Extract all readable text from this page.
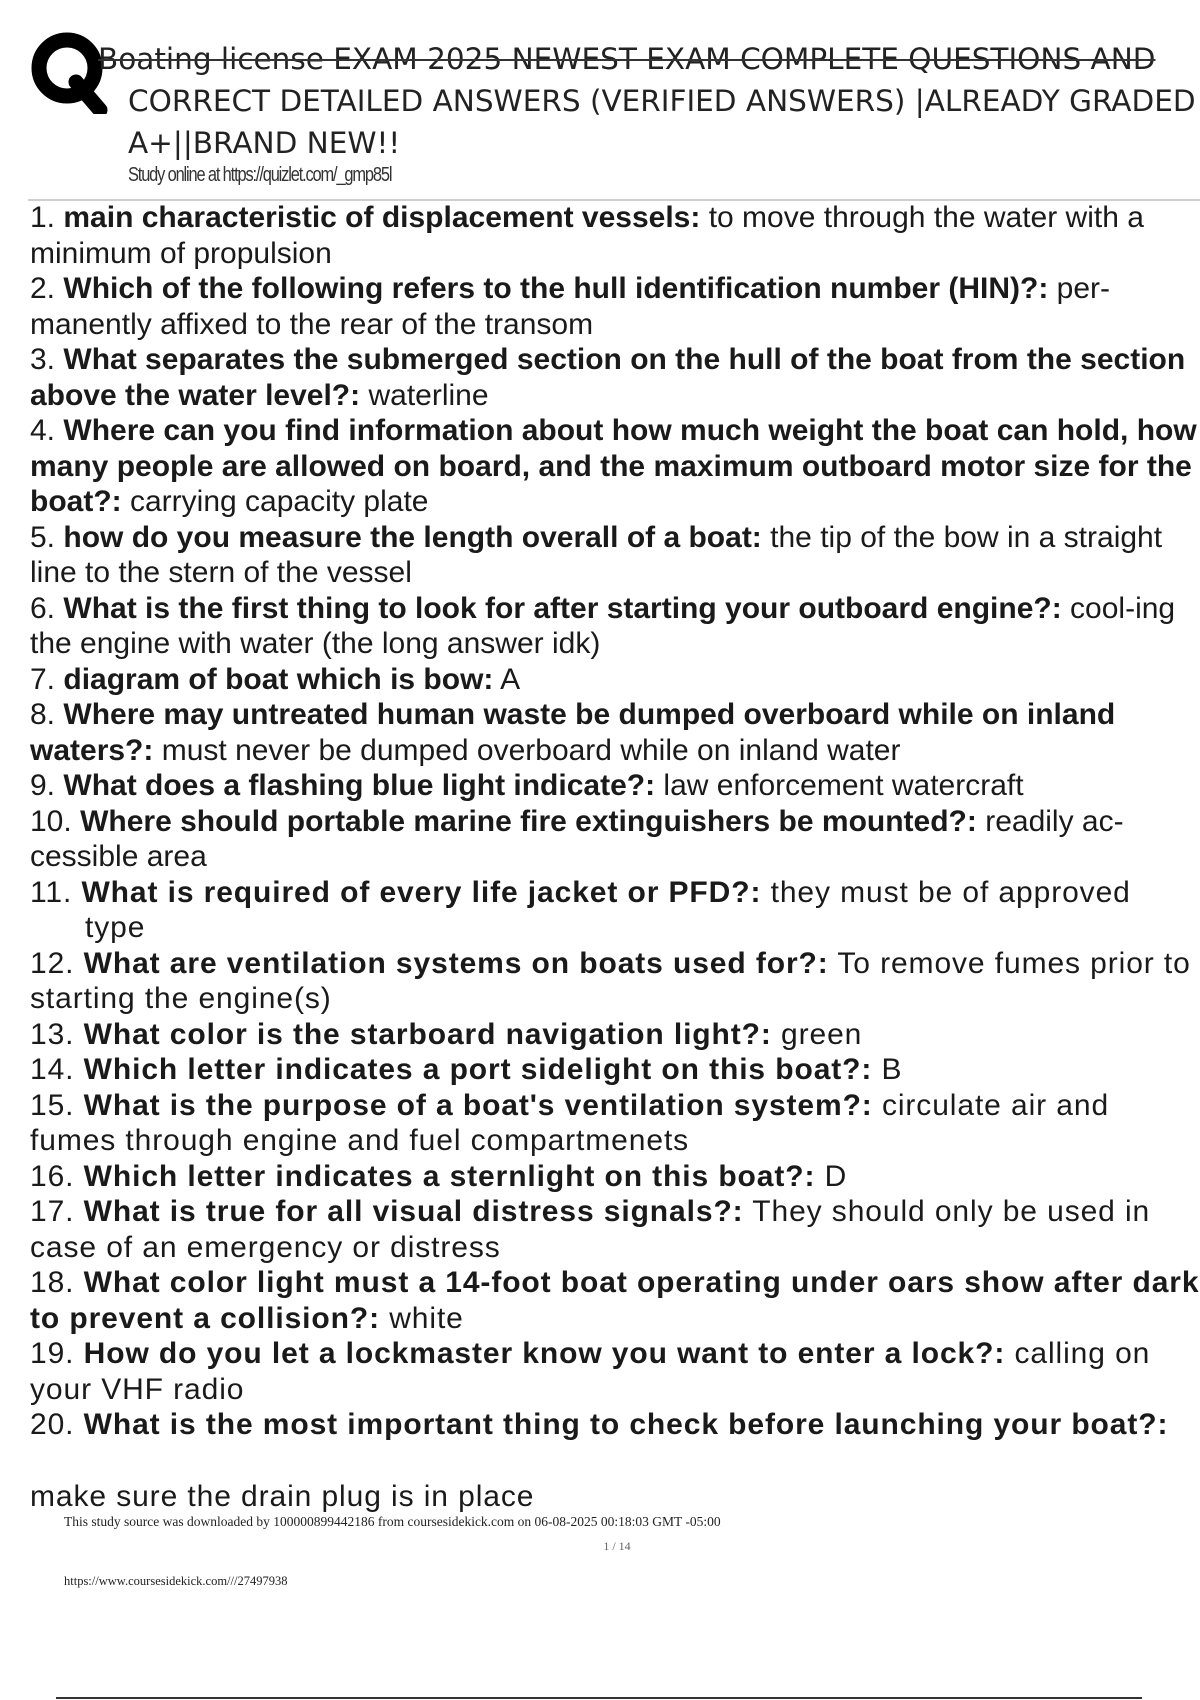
Boating license EXAM 2025 NEWEST EXAM COMPLETE QUESTIONS AND
CORRECT DETAILED ANSWERS (VERIFIED ANSWERS) |ALREADY GRADED
A+||BRAND NEW!!
Study online at https://quizlet.com/_gmp85l
1. main characteristic of displacement vessels: to move through the water with a minimum of propulsion
2. Which of the following refers to the hull identification number (HIN)?: per-manently affixed to the rear of the transom
3. What separates the submerged section on the hull of the boat from the section above the water level?: waterline
4. Where can you find information about how much weight the boat can hold, how many people are allowed on board, and the maximum outboard motor size for the boat?: carrying capacity plate
5. how do you measure the length overall of a boat: the tip of the bow in a straight line to the stern of the vessel
6. What is the first thing to look for after starting your outboard engine?: cool-ing the engine with water (the long answer idk)
7. diagram of boat which is bow: A
8. Where may untreated human waste be dumped overboard while on inland waters?: must never be dumped overboard while on inland water
9. What does a flashing blue light indicate?: law enforcement watercraft
10. Where should portable marine fire extinguishers be mounted?: readily ac-cessible area
11. What is required of every life jacket or PFD?: they must be of approved type
12. What are ventilation systems on boats used for?: To remove fumes prior to starting the engine(s)
13. What color is the starboard navigation light?: green
14. Which letter indicates a port sidelight on this boat?: B
15. What is the purpose of a boat's ventilation system?: circulate air and fumes through engine and fuel compartmenets
16. Which letter indicates a sternlight on this boat?: D
17. What is true for all visual distress signals?: They should only be used in case of an emergency or distress
18. What color light must a 14-foot boat operating under oars show after dark to prevent a collision?: white
19. How do you let a lockmaster know you want to enter a lock?: calling on your VHF radio
20. What is the most important thing to check before launching your boat?:
make sure the drain plug is in place
This study source was downloaded by 100000899442186 from coursesidekick.com on 06-08-2025 00:18:03 GMT -05:00
1 / 14
https://www.coursesidekick.com///27497938
